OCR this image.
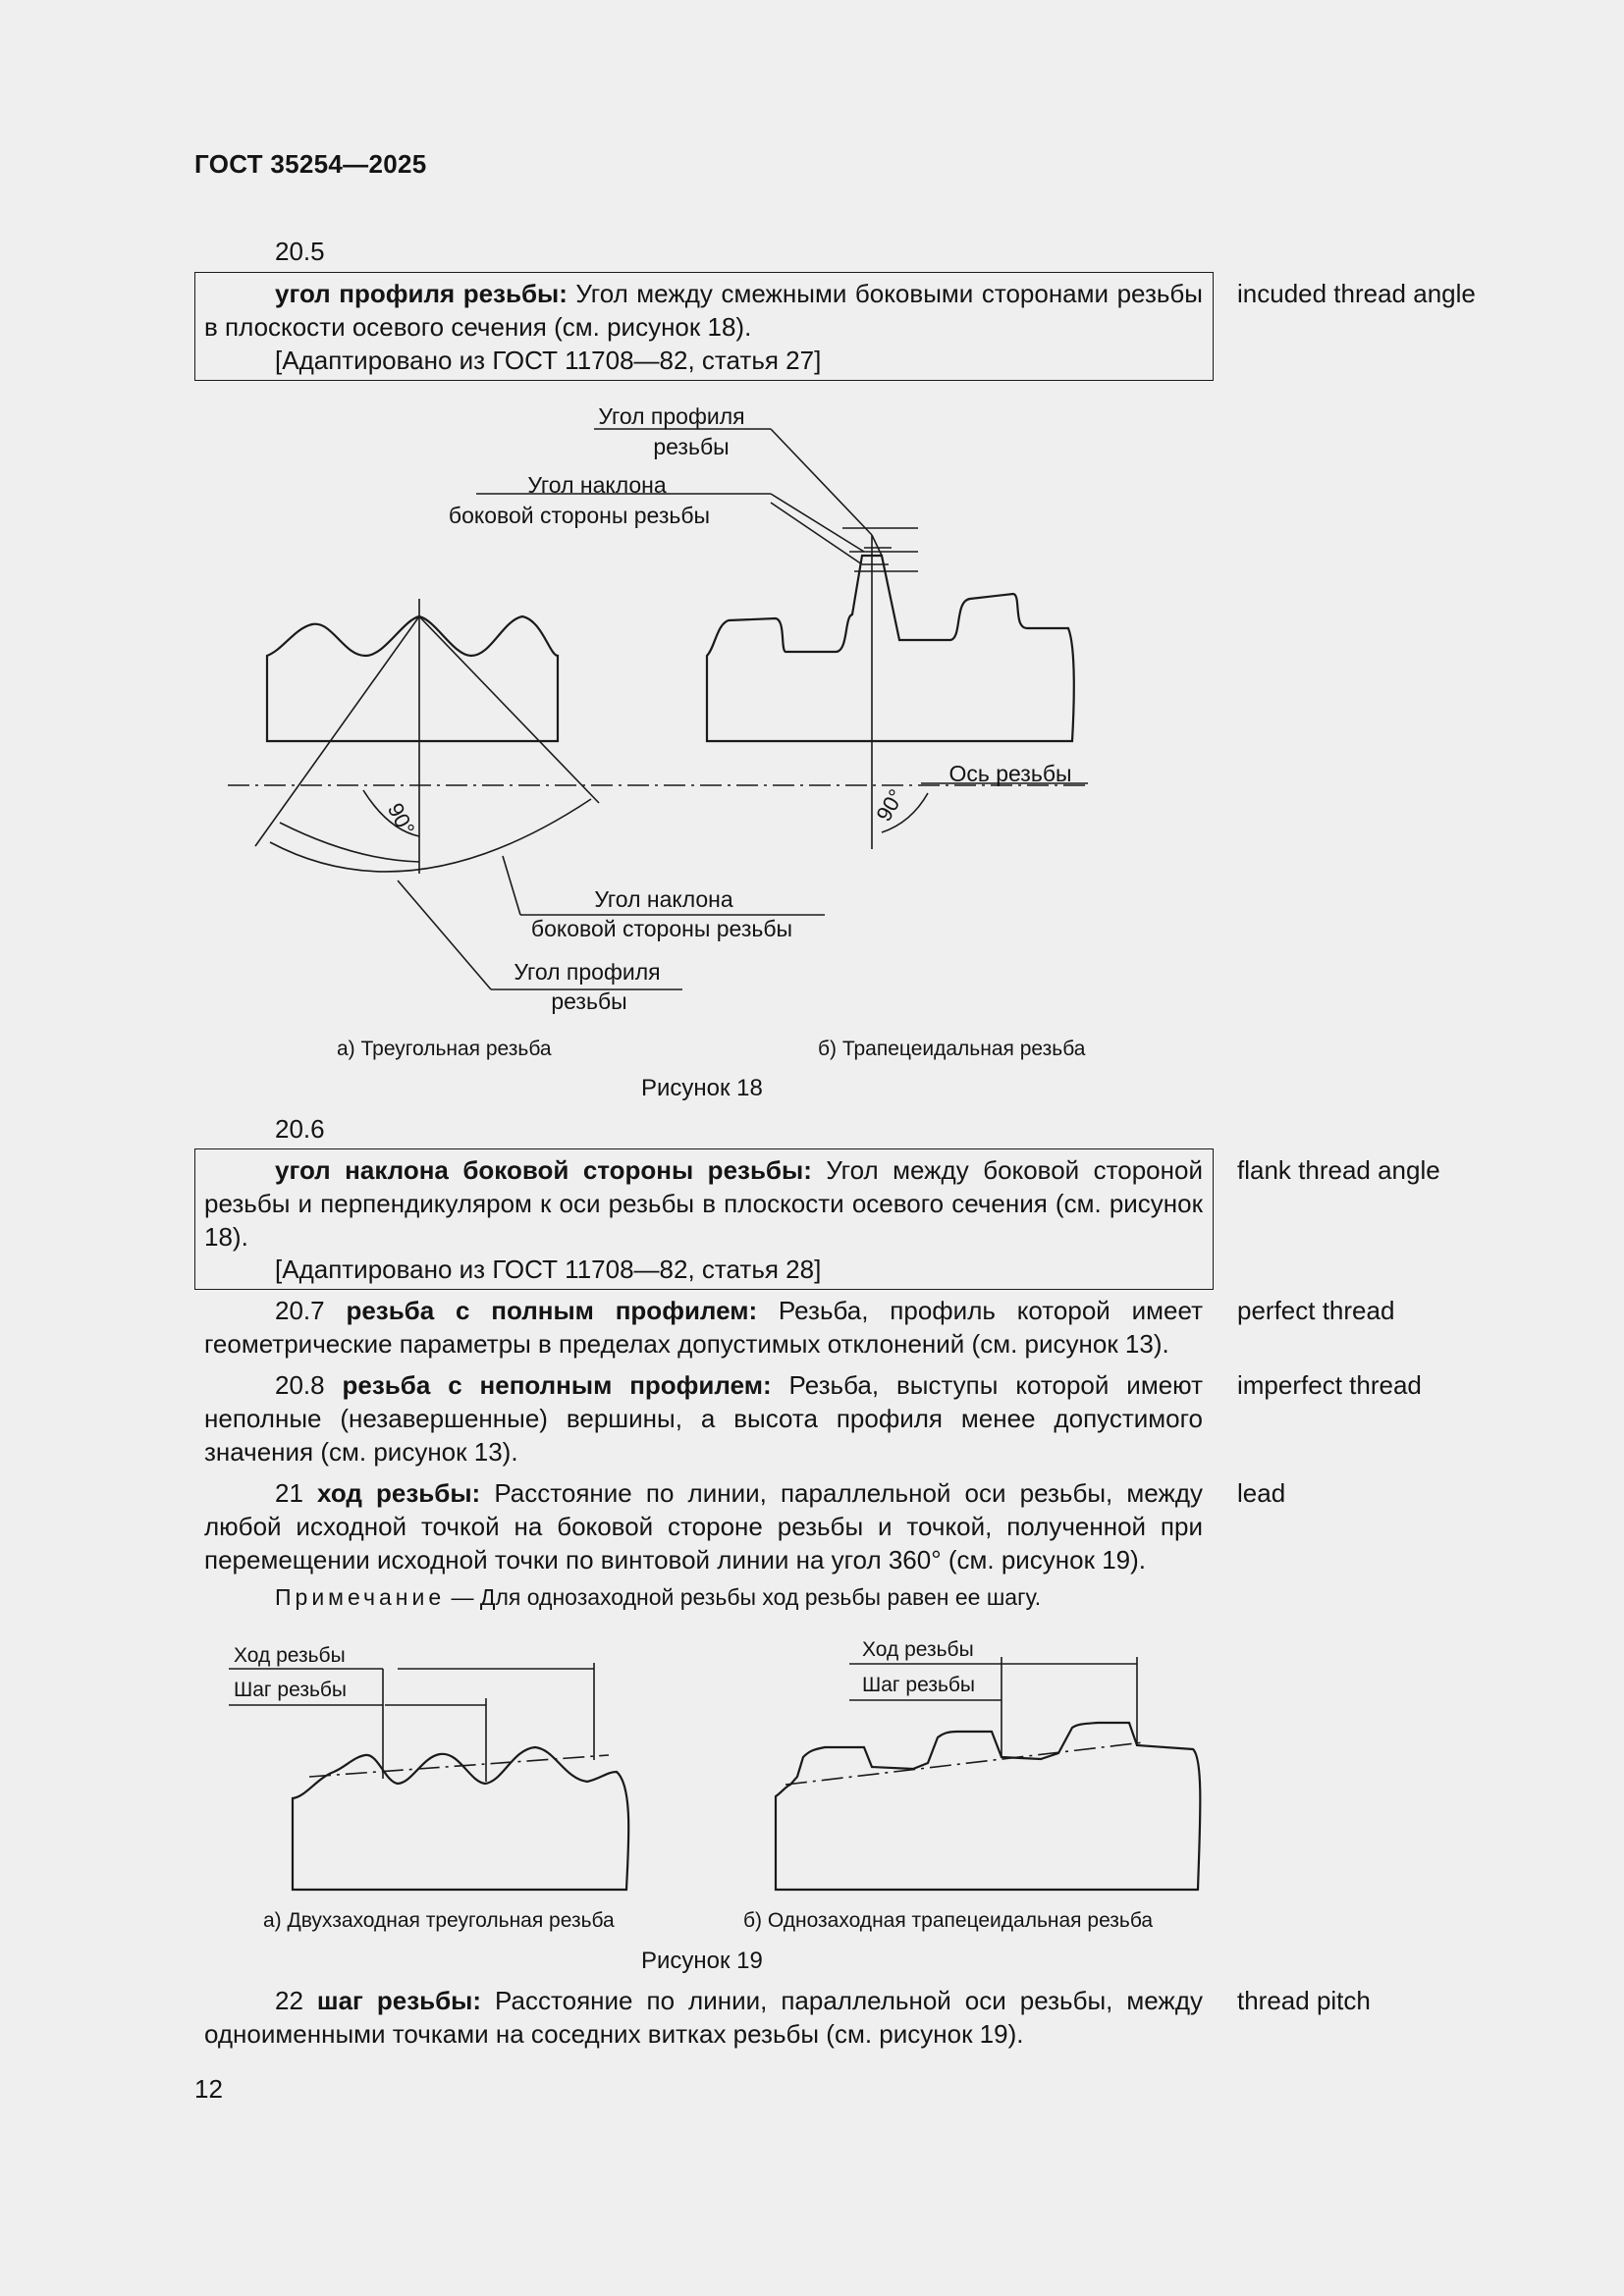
ГОСТ 35254—2025
20.5
угол профиля резьбы: Угол между смежными боковыми сторонами резьбы в плоскости осевого сечения (см. рисунок 18).
[Адаптировано из ГОСТ 11708—82, статья 27]
incuded thread angle
Угол профиля
резьбы
Угол наклона
боковой стороны резьбы
Ось резьбы
90°	90°
Угол наклона
боковой стороны резьбы
Угол профиля
резьбы
Ход резьбы
Шаг резьбы
Ход резьбы
Шаг резьбы
а) Треугольная резьба	б) Трапецеидальная резьба
Рисунок 18
20.6
угол наклона боковой стороны резьбы: Угол между боковой стороной резьбы и перпендикуляром к оси резьбы в плоскости осевого сечения (см. рисунок 18).
[Адаптировано из ГОСТ 11708—82, статья 28]
flank thread angle
20.7 резьба с полным профилем: Резьба, профиль которой имеет геометрические параметры в пределах допустимых отклонений (см. рисунок 13).
perfect thread
20.8 резьба с неполным профилем: Резьба, выступы которой имеют неполные (незавершенные) вершины, а высота профиля менее допустимого значения (см. рисунок 13).
imperfect thread
21 ход резьбы: Расстояние по линии, параллельной оси резьбы, между любой исходной точкой на боковой стороне резьбы и точкой, полученной при перемещении исходной точки по винтовой линии на угол 360° (см. рисунок 19).
lead
Примечание — Для однозаходной резьбы ход резьбы равен ее шагу.
а) Двухзаходная треугольная резьба	б) Однозаходная трапецеидальная резьба
Рисунок 19
22 шаг резьбы: Расстояние по линии, параллельной оси резьбы, между одноименными точками на соседних витках резьбы (см. рисунок 19).
thread pitch
12
